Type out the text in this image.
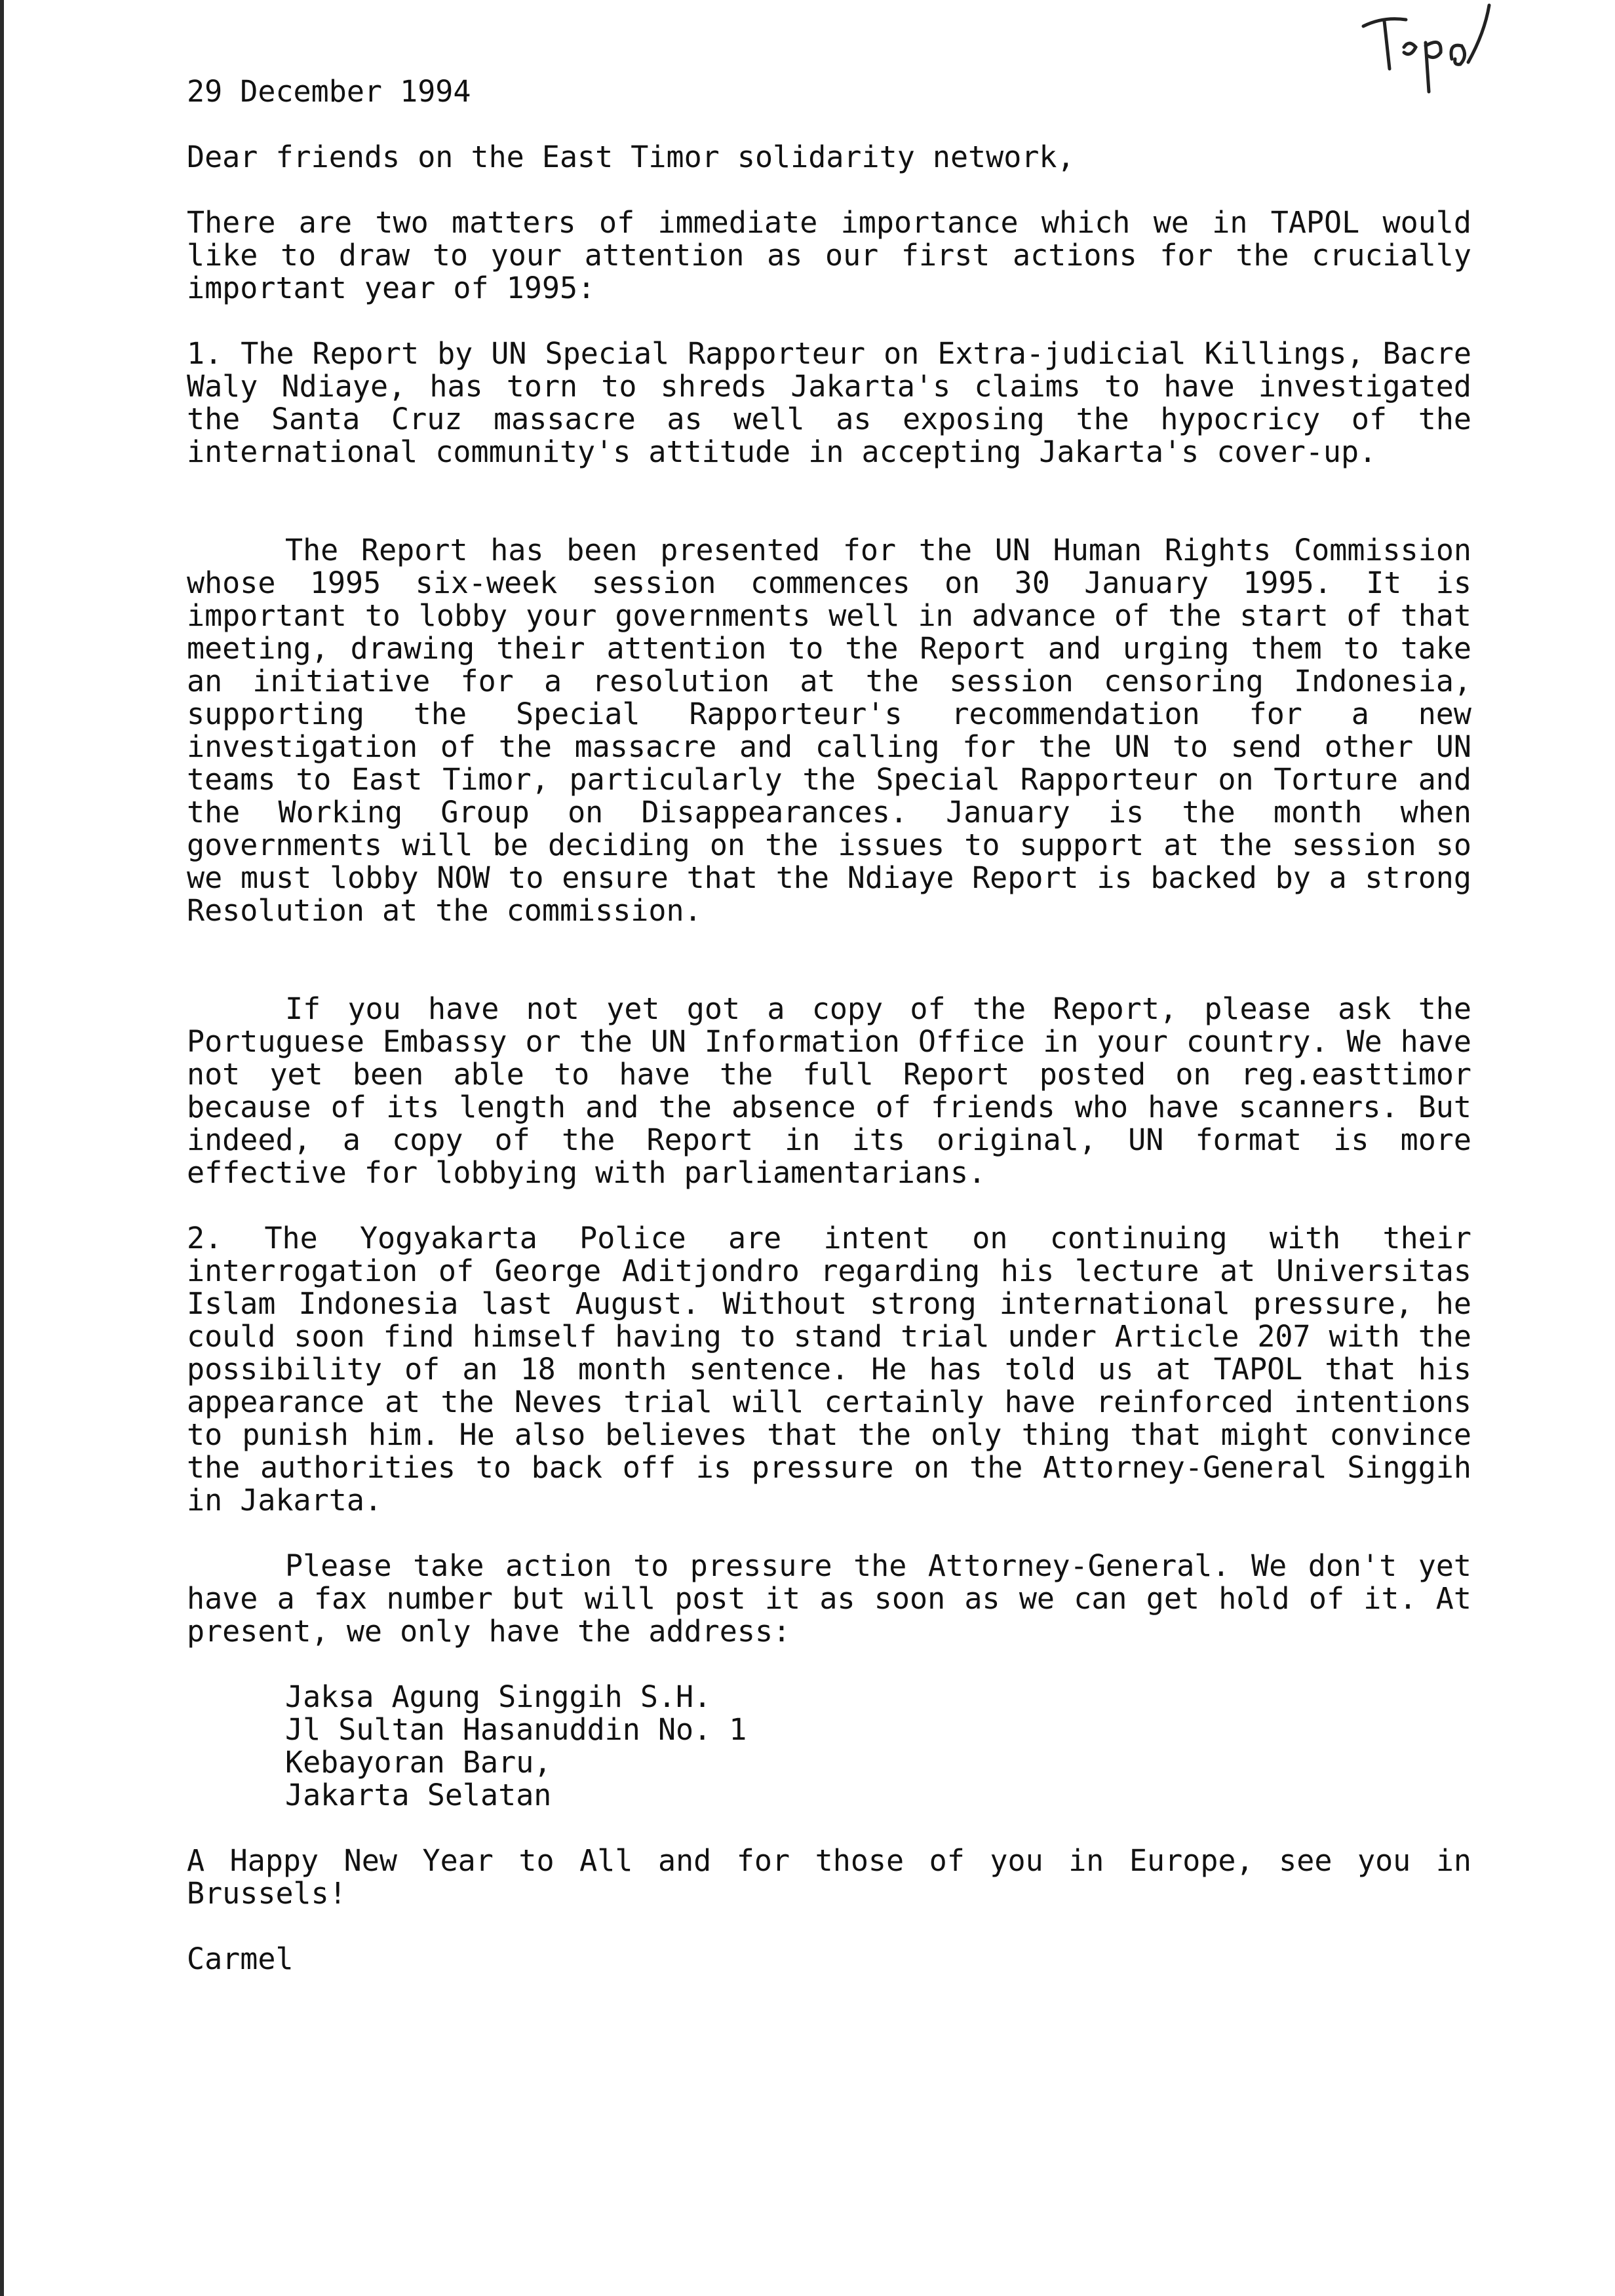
29 December 1994

Dear friends on the East Timor solidarity network,

There are two matters of immediate importance which we in TAPOL would like to draw to your attention as our first actions for the crucially important year of 1995:

1. The Report by UN Special Rapporteur on Extra-judicial Killings, Bacre Waly Ndiaye, has torn to shreds Jakarta's claims to have investigated the Santa Cruz massacre as well as exposing the hypocricy of the international community's attitude in accepting Jakarta's cover-up.

The Report has been presented for the UN Human Rights Commission whose 1995 six-week session commences on 30 January 1995. It is important to lobby your governments well in advance of the start of that meeting, drawing their attention to the Report and urging them to take an initiative for a resolution at the session censoring Indonesia, supporting the Special Rapporteur's recommendation for a new investigation of the massacre and calling for the UN to send other UN teams to East Timor, particularly the Special Rapporteur on Torture and the Working Group on Disappearances. January is the month when governments will be deciding on the issues to support at the session so we must lobby NOW to ensure that the Ndiaye Report is backed by a strong Resolution at the commission.

If you have not yet got a copy of the Report, please ask the Portuguese Embassy or the UN Information Office in your country. We have not yet been able to have the full Report posted on reg.easttimor because of its length and the absence of friends who have scanners. But indeed, a copy of the Report in its original, UN format is more effective for lobbying with parliamentarians.

2. The Yogyakarta Police are intent on continuing with their interrogation of George Aditjondro regarding his lecture at Universitas Islam Indonesia last August. Without strong international pressure, he could soon find himself having to stand trial under Article 207 with the possibility of an 18 month sentence. He has told us at TAPOL that his appearance at the Neves trial will certainly have reinforced intentions to punish him. He also believes that the only thing that might convince the authorities to back off is pressure on the Attorney-General Singgih in Jakarta.

Please take action to pressure the Attorney-General. We don't yet have a fax number but will post it as soon as we can get hold of it. At present, we only have the address:

Jaksa Agung Singgih S.H.
Jl Sultan Hasanuddin No. 1
Kebayoran Baru,
Jakarta Selatan

A Happy New Year to All and for those of you in Europe, see you in Brussels!

Carmel
